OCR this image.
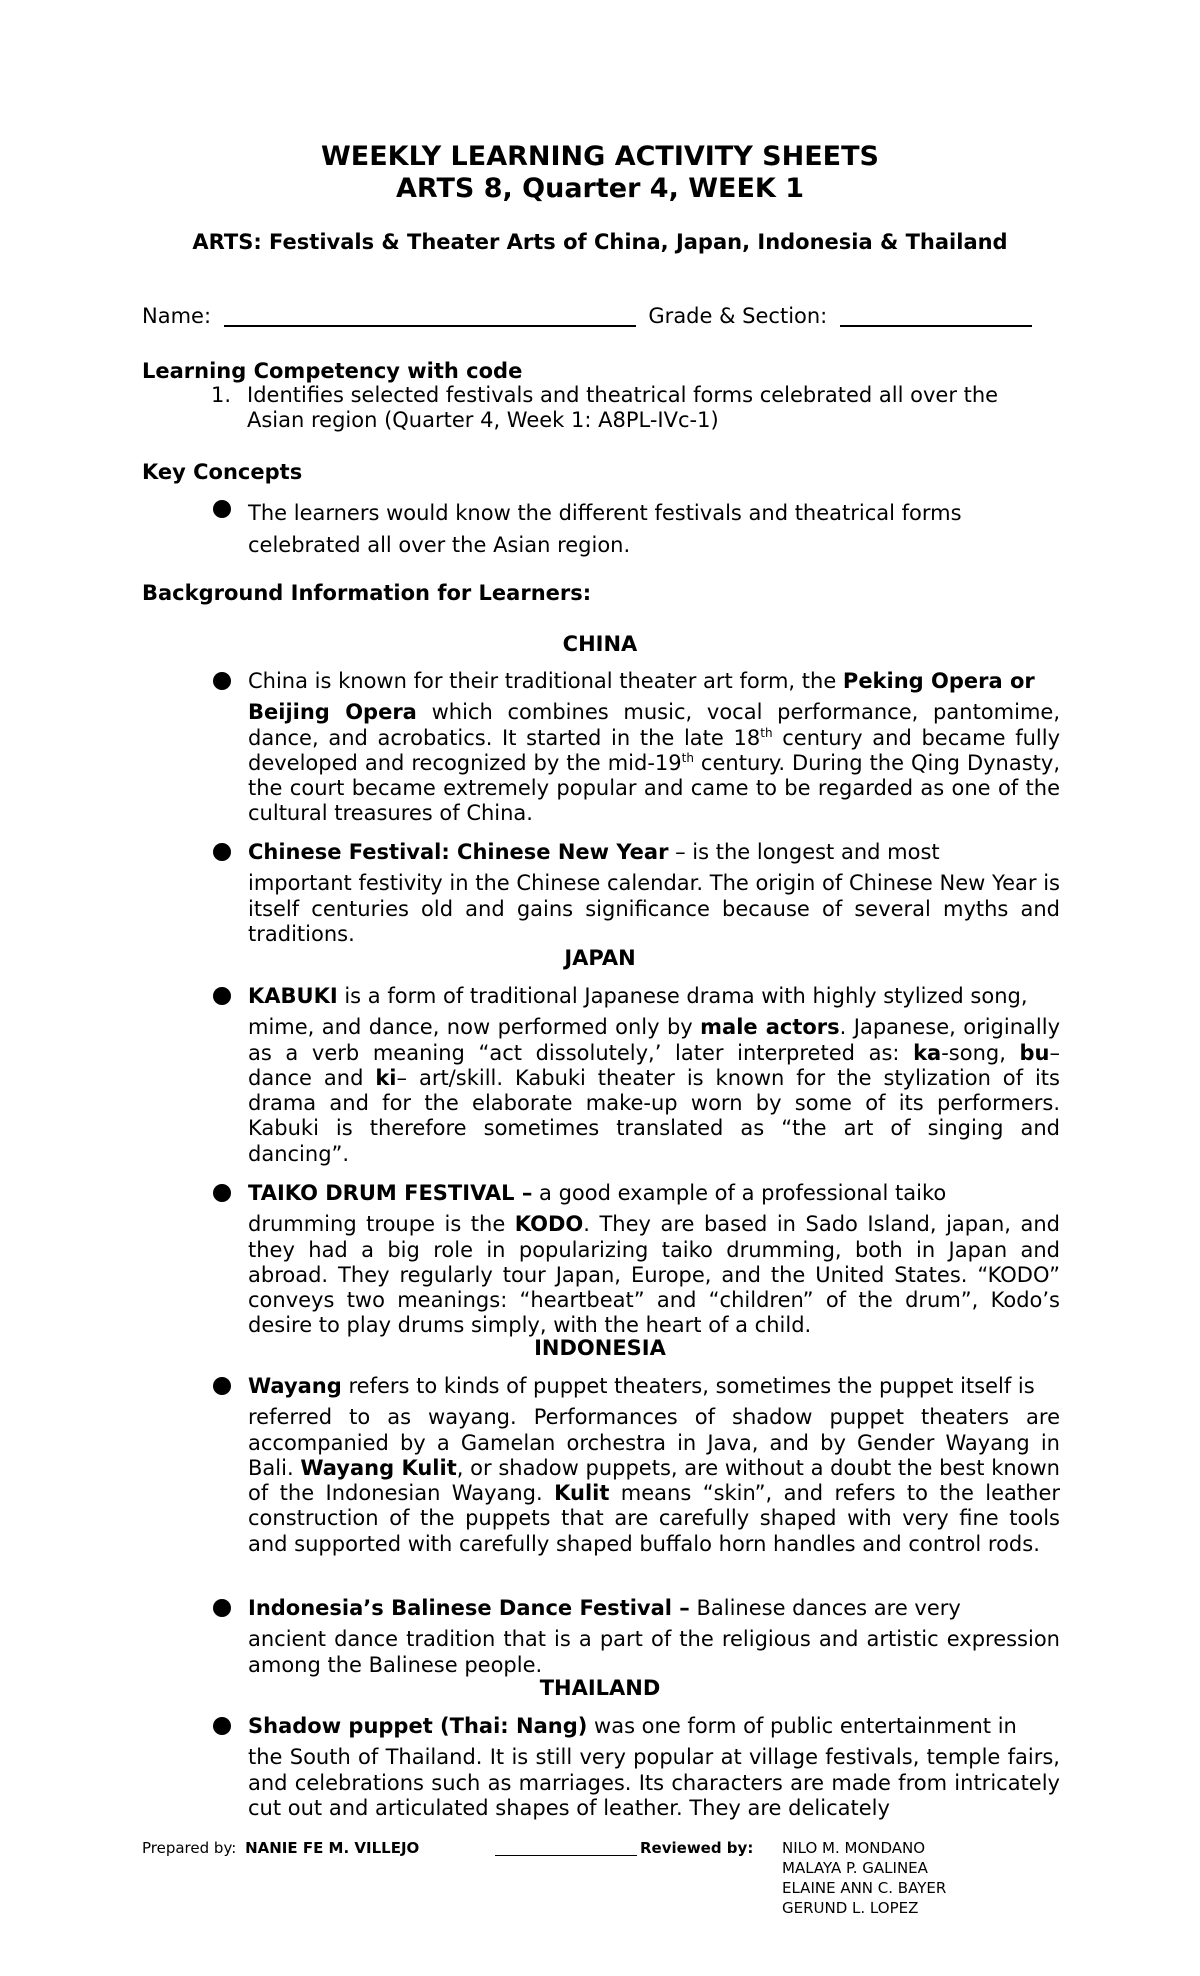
WEEKLY LEARNING ACTIVITY SHEETS
ARTS 8, Quarter 4, WEEK 1
ARTS: Festivals & Theater Arts of China, Japan, Indonesia & Thailand
Name:	Grade & Section:
Learning Competency with code
1. Identifies selected festivals and theatrical forms celebrated all over the
Asian region (Quarter 4, Week 1: A8PL-IVc-1)
Key Concepts
The learners would know the different festivals and theatrical forms
celebrated all over the Asian region.
Background Information for Learners:
CHINA
China is known for their traditional theater art form, the Peking Opera or
Beijing Opera which combines music, vocal performance, pantomime, dance, and acrobatics. It started in the late 18th century and became fully developed and recognized by the mid-19th century. During the Qing Dynasty, the court became extremely popular and came to be regarded as one of the cultural treasures of China.
Chinese Festival: Chinese New Year – is the longest and most
important festivity in the Chinese calendar. The origin of Chinese New Year is itself centuries old and gains significance because of several myths and traditions.
JAPAN
KABUKI is a form of traditional Japanese drama with highly stylized song,
mime, and dance, now performed only by male actors. Japanese, originally as a verb meaning “act dissolutely,’ later interpreted as: ka-song, bu– dance and ki– art/skill. Kabuki theater is known for the stylization of its drama and for the elaborate make-up worn by some of its performers. Kabuki is therefore sometimes translated as “the art of singing and dancing”.
TAIKO DRUM FESTIVAL – a good example of a professional taiko
drumming troupe is the KODO. They are based in Sado Island, japan, and they had a big role in popularizing taiko drumming, both in Japan and abroad. They regularly tour Japan, Europe, and the United States. “KODO” conveys two meanings: “heartbeat” and “children” of the drum”, Kodo’s desire to play drums simply, with the heart of a child.
INDONESIA
Wayang refers to kinds of puppet theaters, sometimes the puppet itself is
referred to as wayang. Performances of shadow puppet theaters are accompanied by a Gamelan orchestra in Java, and by Gender Wayang in Bali. Wayang Kulit, or shadow puppets, are without a doubt the best known of the Indonesian Wayang. Kulit means “skin”, and refers to the leather construction of the puppets that are carefully shaped with very fine tools and supported with carefully shaped buffalo horn handles and control rods.
Indonesia’s Balinese Dance Festival – Balinese dances are very
ancient dance tradition that is a part of the religious and artistic expression among the Balinese people.
THAILAND
Shadow puppet (Thai: Nang) was one form of public entertainment in
the South of Thailand. It is still very popular at village festivals, temple fairs, and celebrations such as marriages. Its characters are made from intricately cut out and articulated shapes of leather. They are delicately
Prepared by: NANIE FE M. VILLEJO	Reviewed by: NILO M. MONDANO
MALAYA P. GALINEA
ELAINE ANN C. BAYER
GERUND L. LOPEZ
